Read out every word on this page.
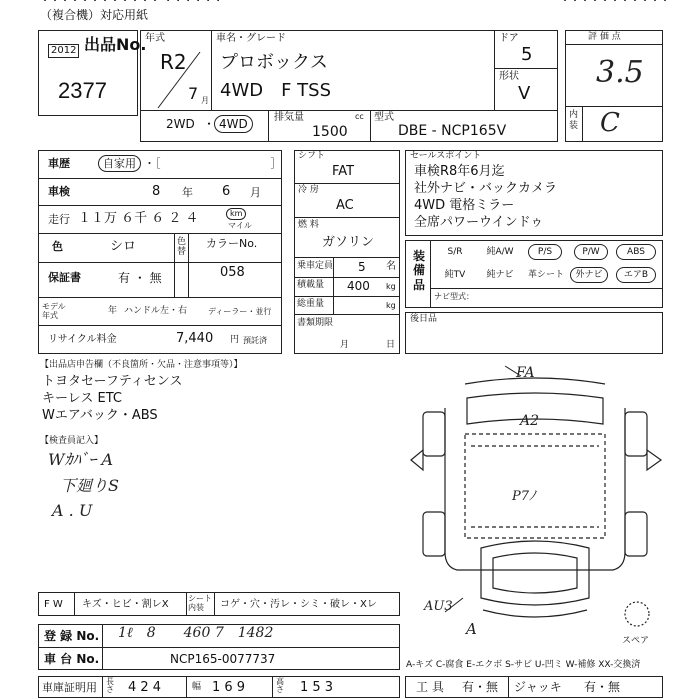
・・・・・・・・・・・・ ・・・・・・	・・・・・・・・・・・
（複合機）対応用紙
出品No.
2012
2377
年式
R2
7 月
車名・グレード
プロボックス
4WD　F TSS
ドア
5
形状
V
2WD ・ 4WD	排気量	cc
1500
型式
DBE - NCP165V
評 価 点
3.5
内装 C
車歴	自家用 ・［　　　　　　　　　　］
車検	8 年 6 月
走行 １１万 ６千 ６ ２ ４	km
マイル
色	シロ	色替
カラーNo.
058
保証書	有 ・ 無
モデル 年式	年 ハンドル 左・右	ディーラー・並行
リサイクル料金	7,440 円 預託済
シフト
FAT
冷 房
AC
燃 料
ガソリン
乗車定員 5 名
積載量 400 kg
総重量	kg
書類期限
月	日
セールスポイント
車検R8年6月迄
社外ナビ・バックカメラ
4WD 電格ミラー
全席パワーウインドゥ
装備品
S/R	純A/W	P/S	P/W	ABS
純TV	純ナビ	革シート	外ナビ	エアB
ナビ型式：
後日品
【出品店申告欄（不良箇所・欠品・注意事項等）】
トヨタセーフティセンス
キーレス ETC
Wエアバック・ABS
【検査員記入】
Wｶﾊﾞｰ A
下廻りS
A . U
FA
A2
P7ﾉ
AU3
A
スペア
F W キズ・ヒビ・割レX
シート内装	コゲ・穴・汚レ・シミ・破レ・Xレ
登 録 No. 1ℓ　8　　460 7　1482
車 台 No.	NCP165-0077737
車庫証明用 長さ 4 2 4	幅 1 6 9	高さ 1 5 3
A-キズ C-腐食 E-エクボ S-サビ U-凹ミ W-補修 XX-交換済
工 具 有・無 ジャッキ 有・無
